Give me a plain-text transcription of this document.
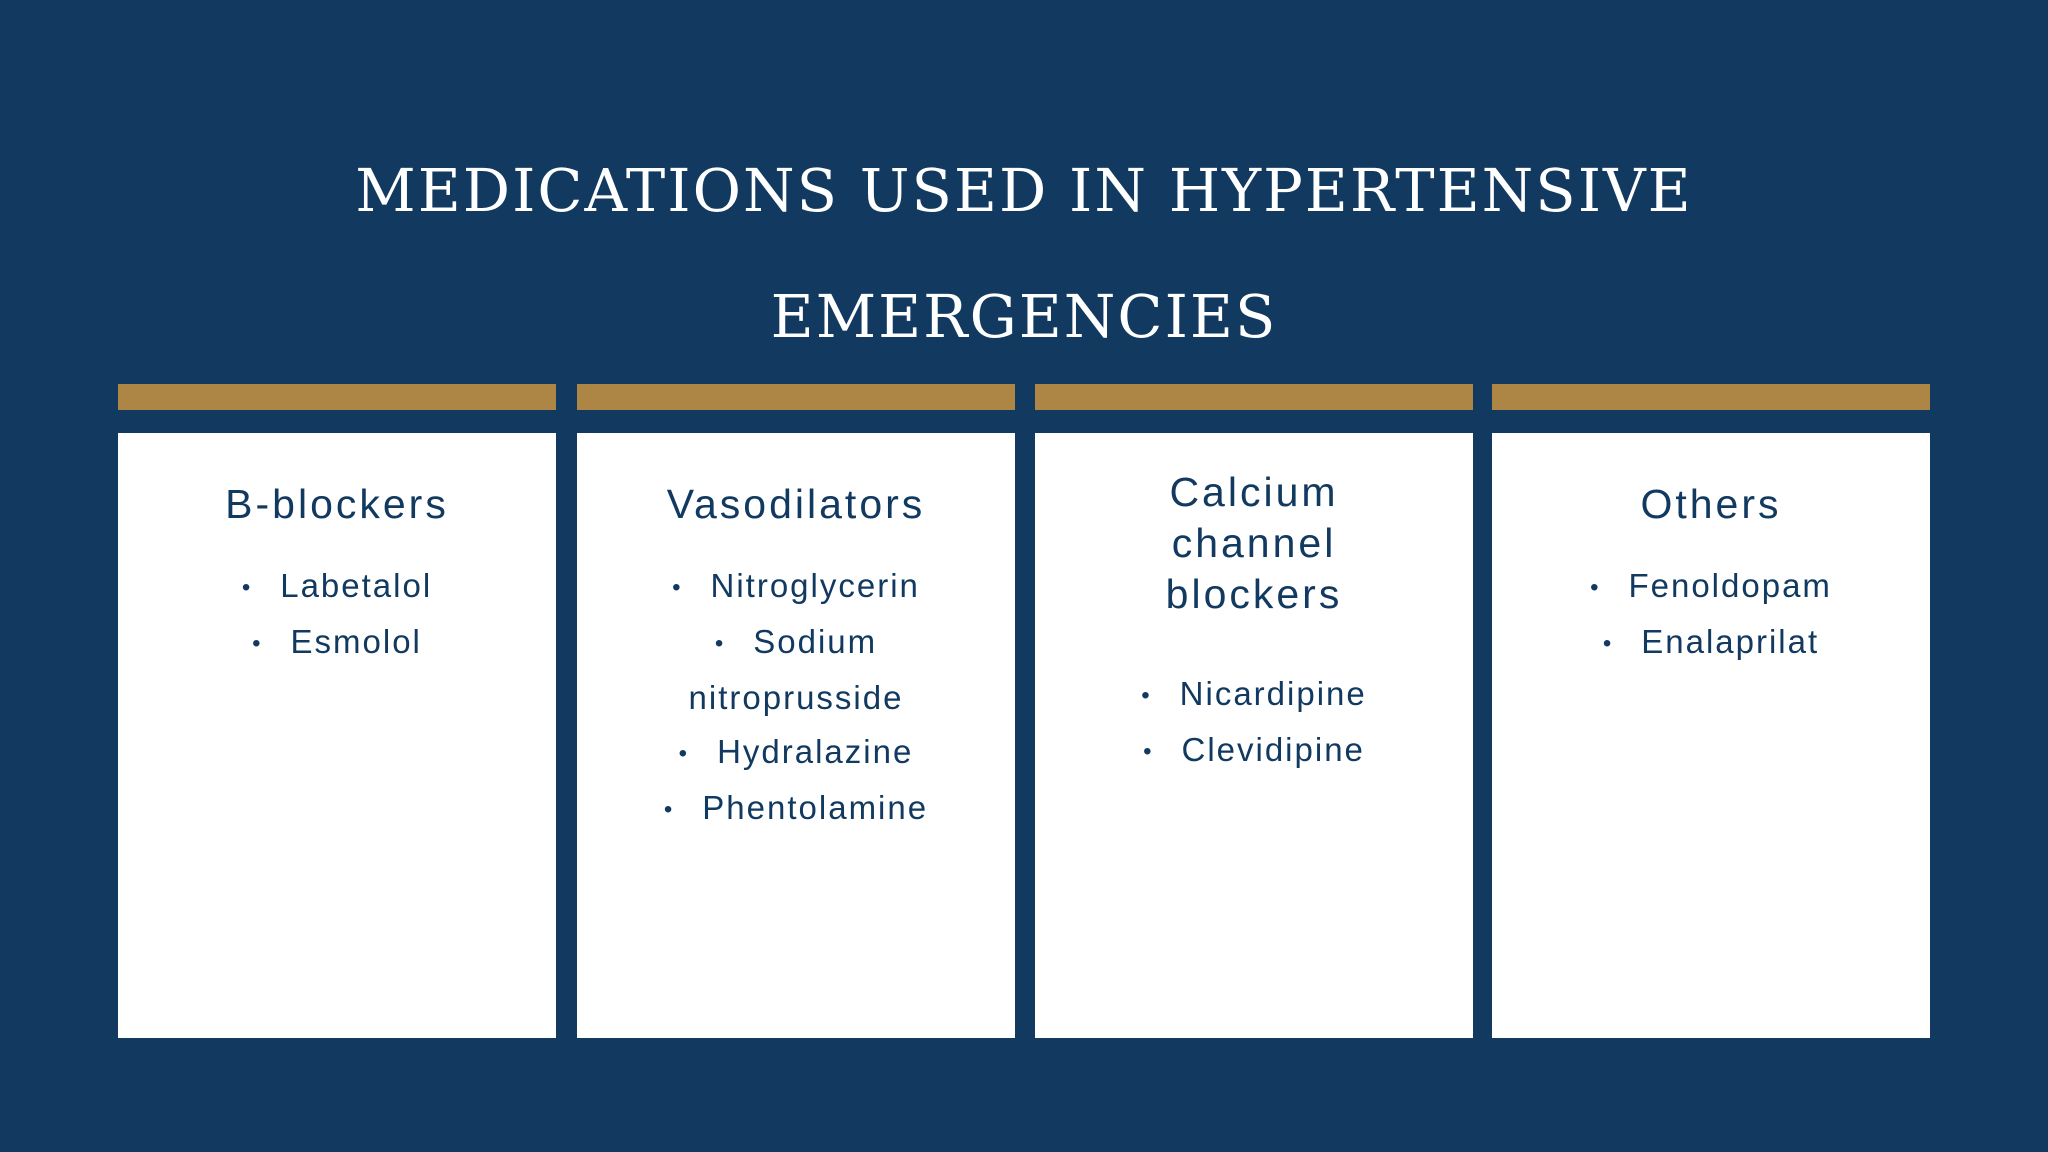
MEDICATIONS USED IN HYPERTENSIVE
EMERGENCIES
B-blockers
• Labetalol
• Esmolol
Vasodilators
• Nitroglycerin
• Sodium nitroprusside
• Hydralazine
• Phentolamine
Calcium
channel
blockers
• Nicardipine
• Clevidipine
Others
• Fenoldopam
• Enalaprilat
